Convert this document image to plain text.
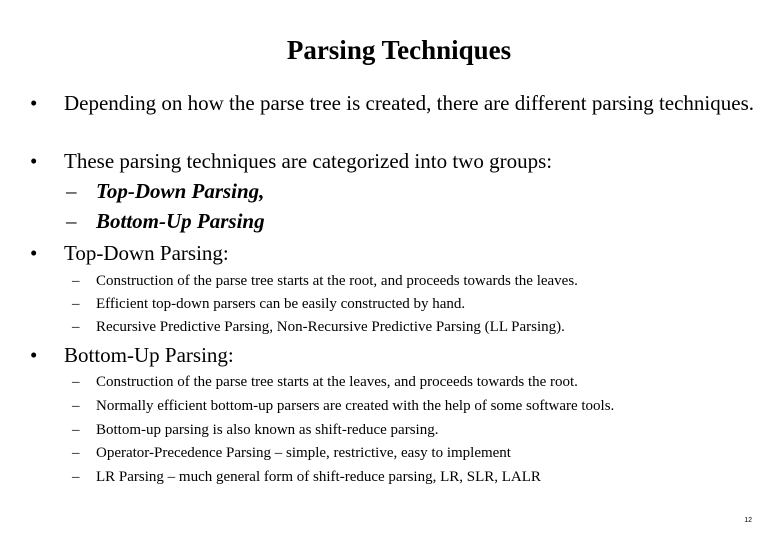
Parsing Techniques
• Depending on how the parse tree is created, there are different parsing techniques.
• These parsing techniques are categorized into two groups:
– Top-Down Parsing,
– Bottom-Up Parsing
• Top-Down Parsing:
– Construction of the parse tree starts at the root, and proceeds towards the leaves.
– Efficient top-down parsers can be easily constructed by hand.
– Recursive Predictive Parsing, Non-Recursive Predictive Parsing (LL Parsing).
• Bottom-Up Parsing:
– Construction of the parse tree starts at the leaves, and proceeds towards the root.
– Normally efficient bottom-up parsers are created with the help of some software tools.
– Bottom-up parsing is also known as shift-reduce parsing.
– Operator-Precedence Parsing – simple, restrictive, easy to implement
– LR Parsing – much general form of shift-reduce parsing, LR, SLR, LALR
12
